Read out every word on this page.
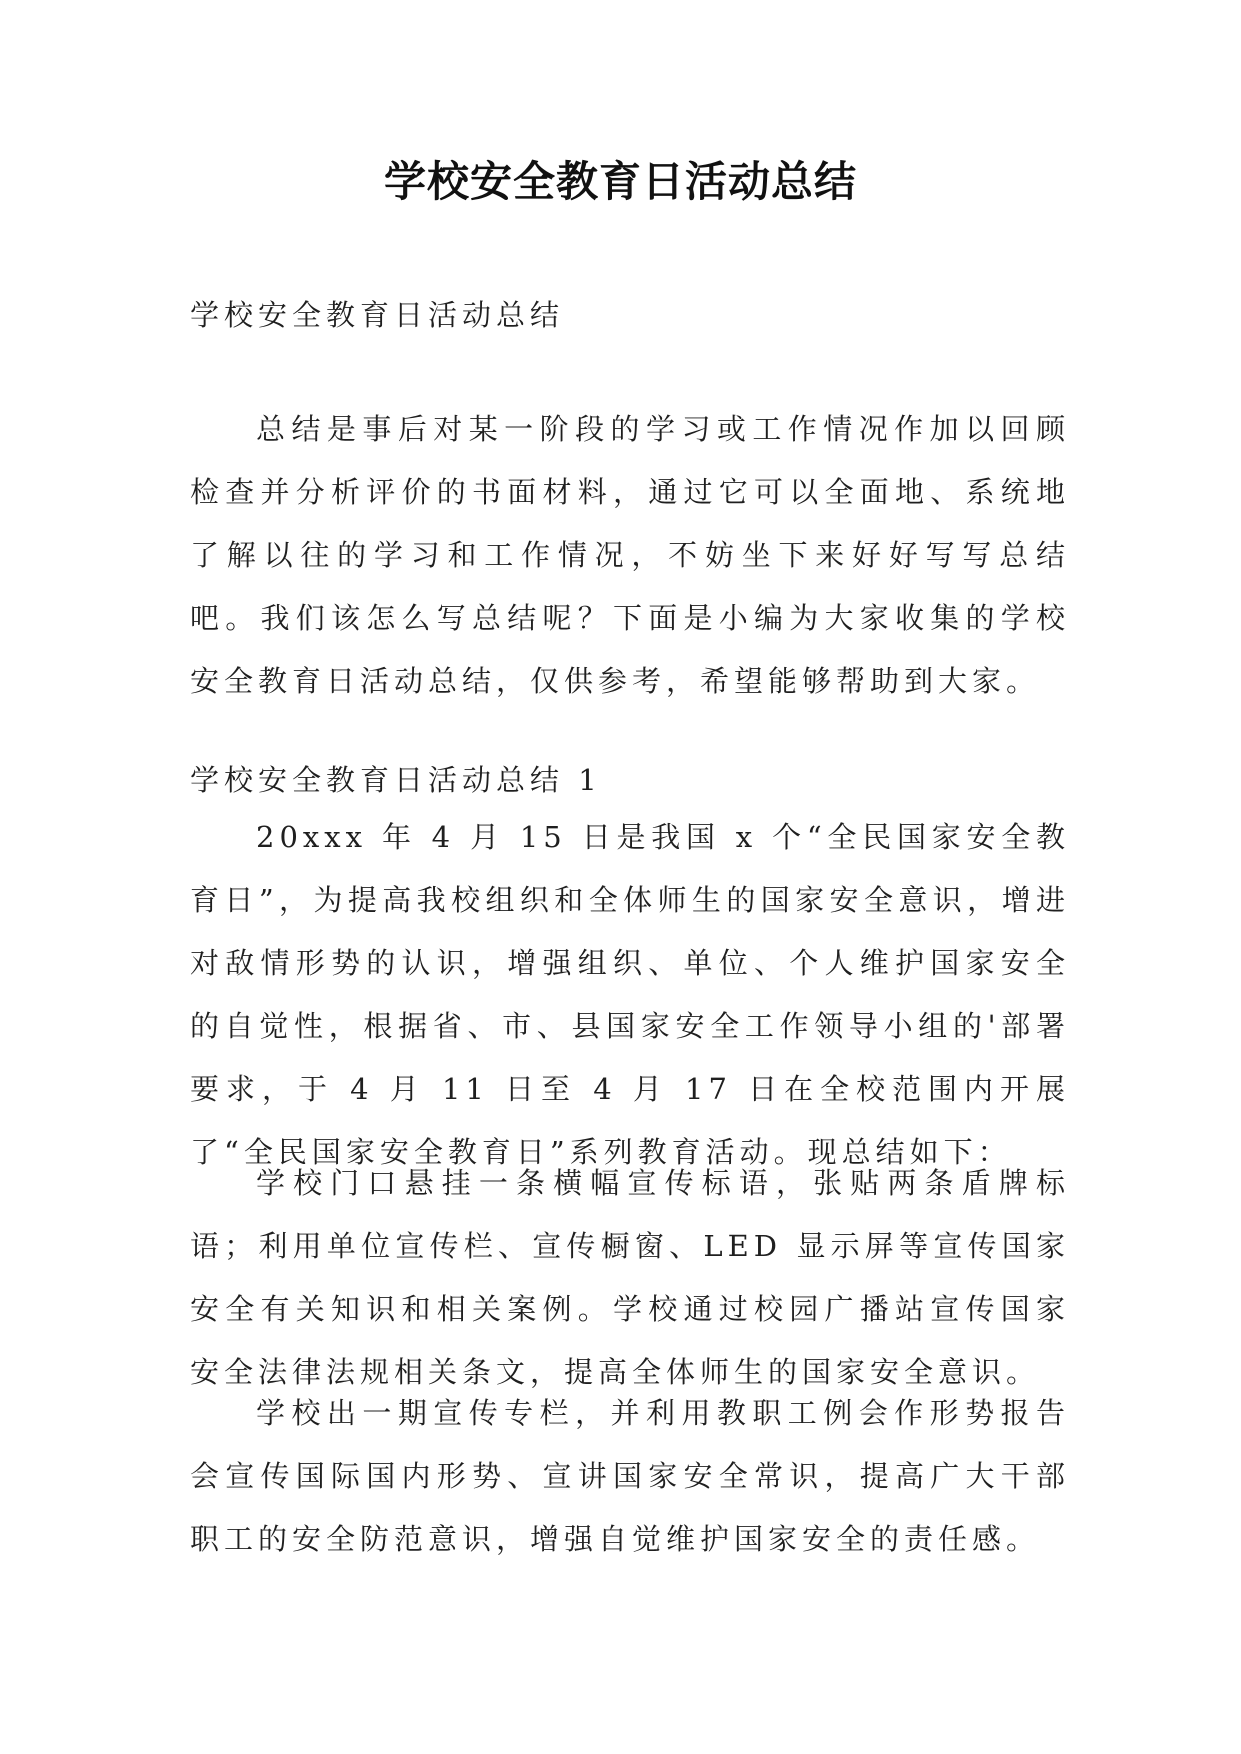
学校安全教育日活动总结

学校安全教育日活动总结

总结是事后对某一阶段的学习或工作情况作加以回顾检查并分析评价的书面材料，通过它可以全面地、系统地了解以往的学习和工作情况，不妨坐下来好好写写总结吧。我们该怎么写总结呢？下面是小编为大家收集的学校安全教育日活动总结，仅供参考，希望能够帮助到大家。

学校安全教育日活动总结 1

20xxx 年 4 月 15 日是我国 x 个“全民国家安全教育日”，为提高我校组织和全体师生的国家安全意识，增进对敌情形势的认识，增强组织、单位、个人维护国家安全的自觉性，根据省、市、县国家安全工作领导小组的'部署要求，于 4 月 11 日至 4 月 17 日在全校范围内开展了“全民国家安全教育日”系列教育活动。现总结如下：

学校门口悬挂一条横幅宣传标语，张贴两条盾牌标语；利用单位宣传栏、宣传橱窗、LED 显示屏等宣传国家安全有关知识和相关案例。学校通过校园广播站宣传国家安全法律法规相关条文，提高全体师生的国家安全意识。

学校出一期宣传专栏，并利用教职工例会作形势报告会宣传国际国内形势、宣讲国家安全常识，提高广大干部职工的安全防范意识，增强自觉维护国家安全的责任感。
